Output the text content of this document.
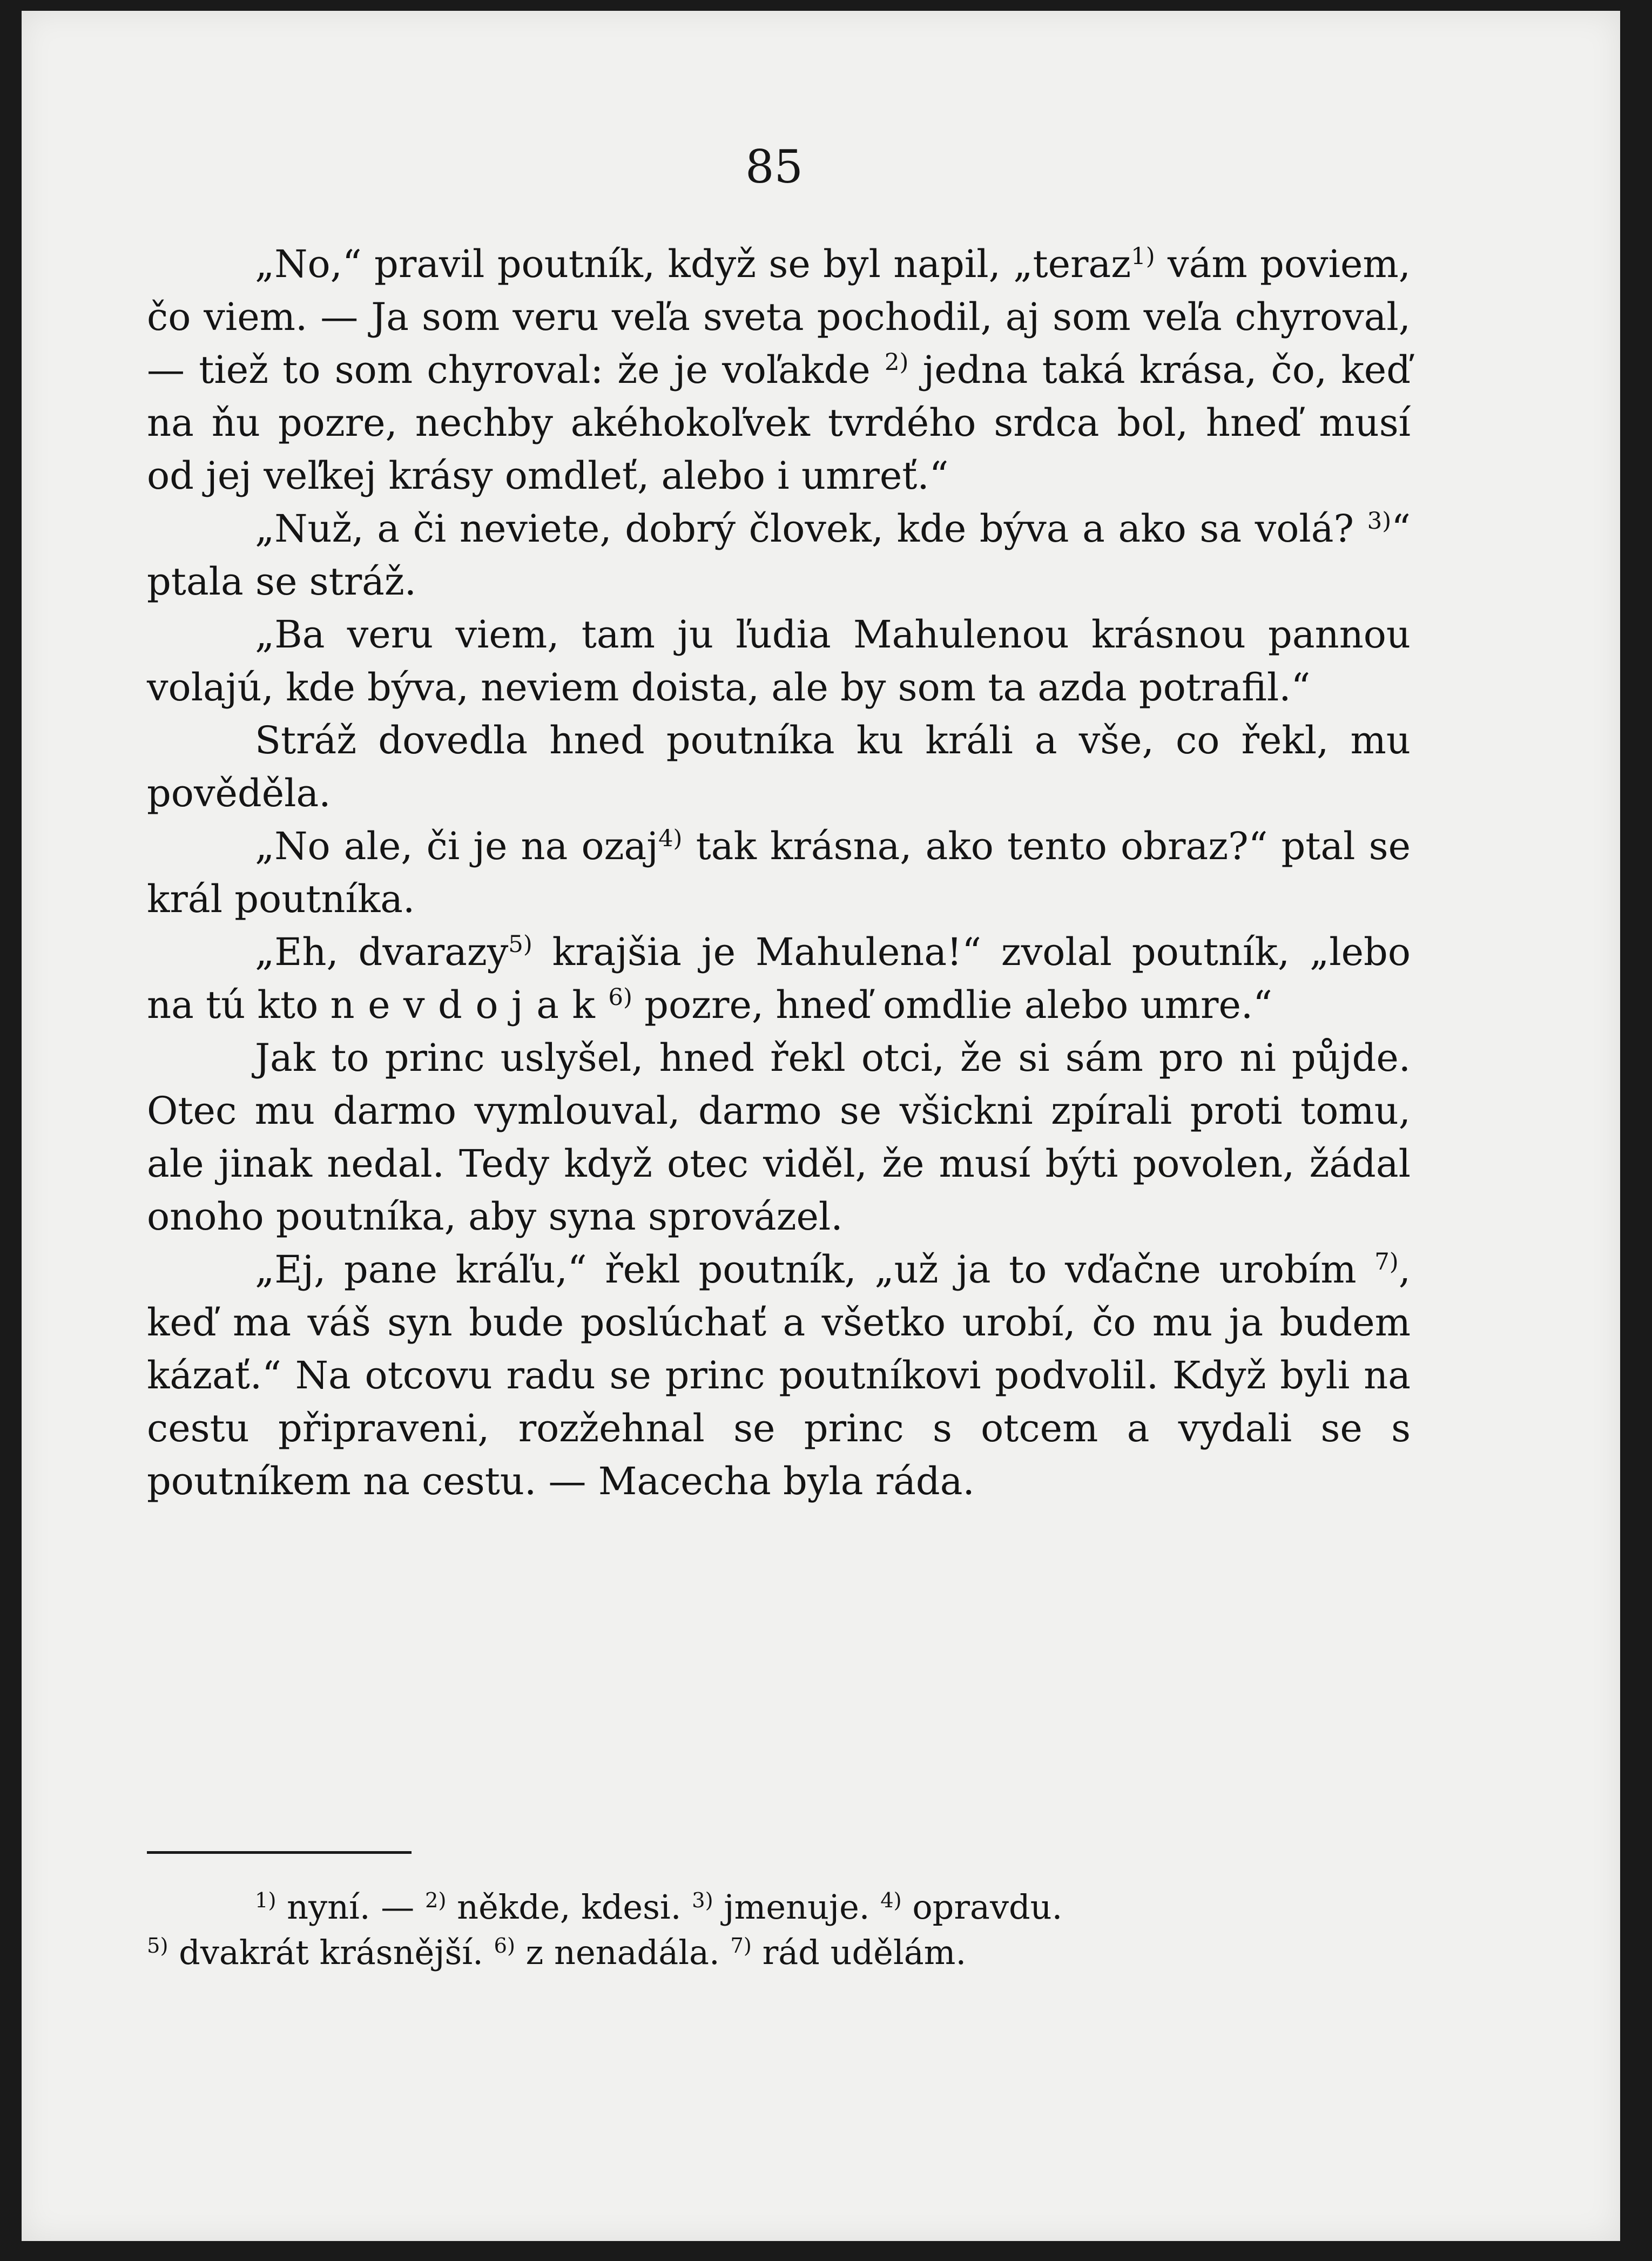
85

„No,“ pravil poutník, když se byl napil, „teraz$^{1)}$ vám poviem, čo viem. — Ja som veru veľa sveta pochodil, aj som veľa chyroval, — tiež to som chyroval: že je voľakde $^{2)}$ jedna taká krása, čo, keď na ňu pozre, nechby akéhokoľvek tvrdého srdca bol, hneď musí od jej veľkej krásy omdleť, alebo i umreť.“

„Nuž, a či neviete, dobrý človek, kde býva a ako sa volá? $^{3)}$“ ptala se stráž.

„Ba veru viem, tam ju ľudia Mahulenou krásnou pannou volajú, kde býva, neviem doista, ale by som ta azda potrafil.“

Stráž dovedla hned poutníka ku králi a vše, co řekl, mu pověděla.

„No ale, či je na ozaj$^{4)}$ tak krásna, ako tento obraz?“ ptal se král poutníka.

„Eh, dvarazy$^{5)}$ krajšia je Mahulena!“ zvolal poutník, „lebo na tú kto nevdojak$^{6)}$ pozre, hneď omdlie alebo umre.“

Jak to princ uslyšel, hned řekl otci, že si sám pro ni půjde. Otec mu darmo vymlouval, darmo se všickni zpírali proti tomu, ale jinak nedal. Tedy když otec viděl, že musí býti povolen, žádal onoho poutníka, aby syna sprovázel.

„Ej, pane kráľu,“ řekl poutník, „už ja to vďačne urobím $^{7)}$, keď ma váš syn bude poslúchať a všetko urobí, čo mu ja budem kázať.“ Na otcovu radu se princ poutníkovi podvolil. Když byli na cestu připraveni, rozžehnal se princ s otcem a vydali se s poutníkem na cestu. — Macecha byla ráda.

$^{1)}$ nyní. — $^{2)}$ někde, kdesi. $^{3)}$ jmenuje. $^{4)}$ opravdu.

$^{5)}$ dvakrát krásnější. $^{6)}$ z nenadála. $^{7)}$ rád udělám.
